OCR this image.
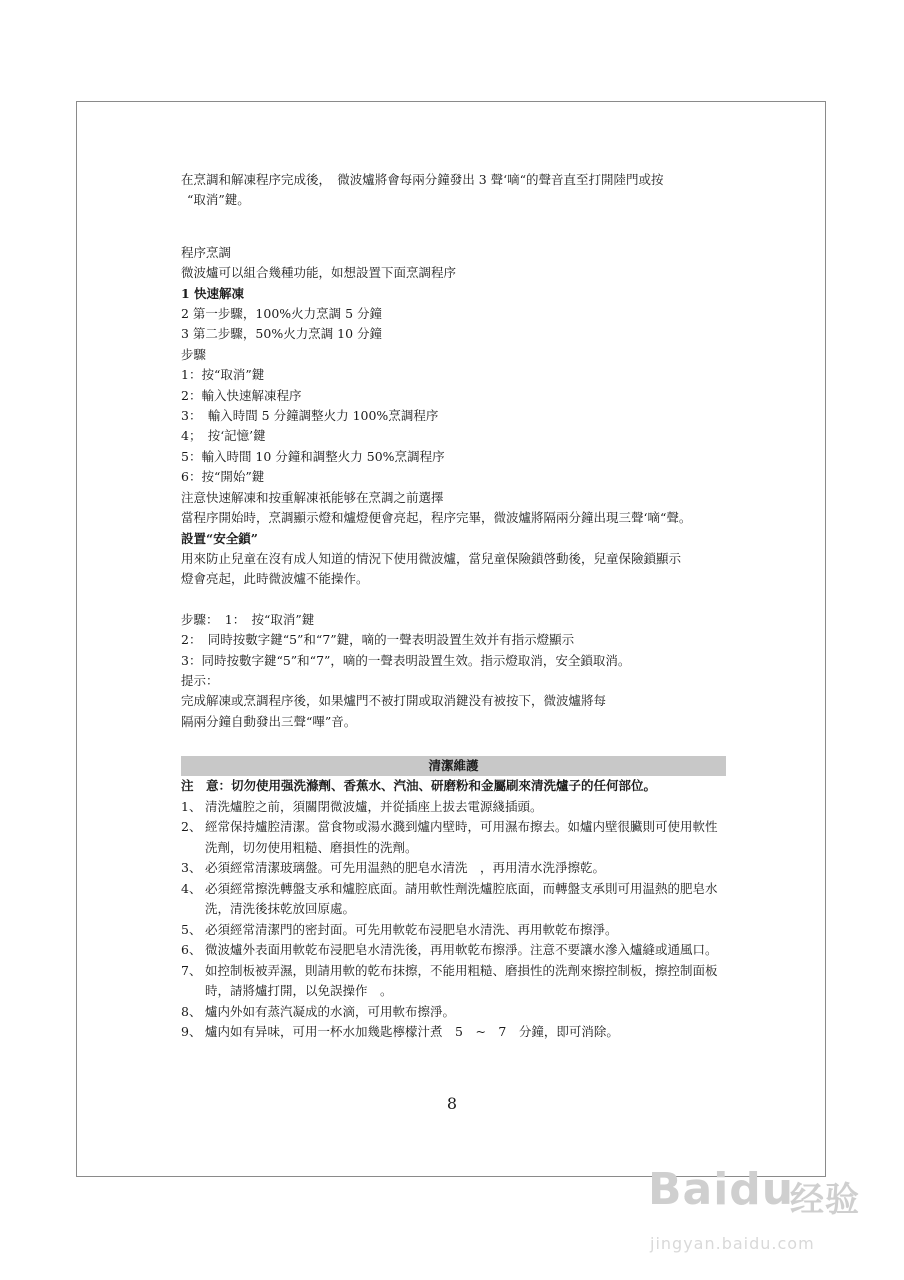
在烹調和解凍程序完成後，　微波爐將會每兩分鐘發出 3 聲‘嘀“的聲音直至打開陸門或按
“取消”鍵。
程序烹調
微波爐可以組合幾種功能，如想設置下面烹調程序
1 快速解凍
2 第一步驟，100%火力烹調 5 分鐘
3 第二步驟，50%火力烹調 10 分鐘
步驟
1：按“取消”鍵
2：輸入快速解凍程序
3：　輸入時間 5 分鐘調整火力 100%烹調程序
4；　按‘記憶’鍵
5：輸入時間 10 分鐘和調整火力 50%烹調程序
6：按“開始”鍵
注意快速解凍和按重解凍祇能够在烹調之前選擇
當程序開始時，烹調顯示燈和爐燈便會亮起，程序完畢，微波爐將隔兩分鐘出現三聲‘嘀“聲。
設置“安全鎖”
用來防止兒童在沒有成人知道的情況下使用微波爐，當兒童保險鎖啓動後，兒童保險鎖顯示
燈會亮起，此時微波爐不能操作。
步驟：　1：　按“取消”鍵
2：　同時按數字鍵“5”和“7”鍵，嘀的一聲表明設置生效并有指示燈顯示
3：同時按數字鍵“5”和“7”，嘀的一聲表明設置生效。指示燈取消，安全鎖取消。
提示：
完成解凍或烹調程序後，如果爐門不被打開或取消鍵没有被按下，微波爐將每
隔兩分鐘自動發出三聲“嗶”音。
清潔維護
注　意：切勿使用强洗滌劑、香蕉水、汽油、研磨粉和金屬刷來清洗爐子的任何部位。
1、 清洗爐腔之前，須關閉微波爐，并從插座上拔去電源綫插頭。
2、 經常保持爐腔清潔。當食物或湯水濺到爐内壁時，可用濕布擦去。如爐内壁很臟則可使用軟性洗劑，切勿使用粗糙、磨損性的洗劑。
3、 必須經常清潔玻璃盤。可先用温熱的肥皂水清洗　，再用清水洗淨擦乾。
4、 必須經常擦洗轉盤支承和爐腔底面。請用軟性劑洗爐腔底面，而轉盤支承則可用温熱的肥皂水洗，清洗後抹乾放回原處。
5、 必須經常清潔門的密封面。可先用軟乾布浸肥皂水清洗、再用軟乾布擦淨。
6、 微波爐外表面用軟乾布浸肥皂水清洗後，再用軟乾布擦淨。注意不要讓水滲入爐縫或通風口。
7、 如控制板被弄濕，則請用軟的乾布抹擦，不能用粗糙、磨損性的洗劑來擦控制板，擦控制面板時，請將爐打開，以免誤操作　。
8、 爐内外如有蒸汽凝成的水滴，可用軟布擦淨。
9、 爐内如有异味，可用一杯水加幾匙檸檬汁煮　5　~　7　分鐘，即可消除。
8
Baidu
经验
jingyan.baidu.com
